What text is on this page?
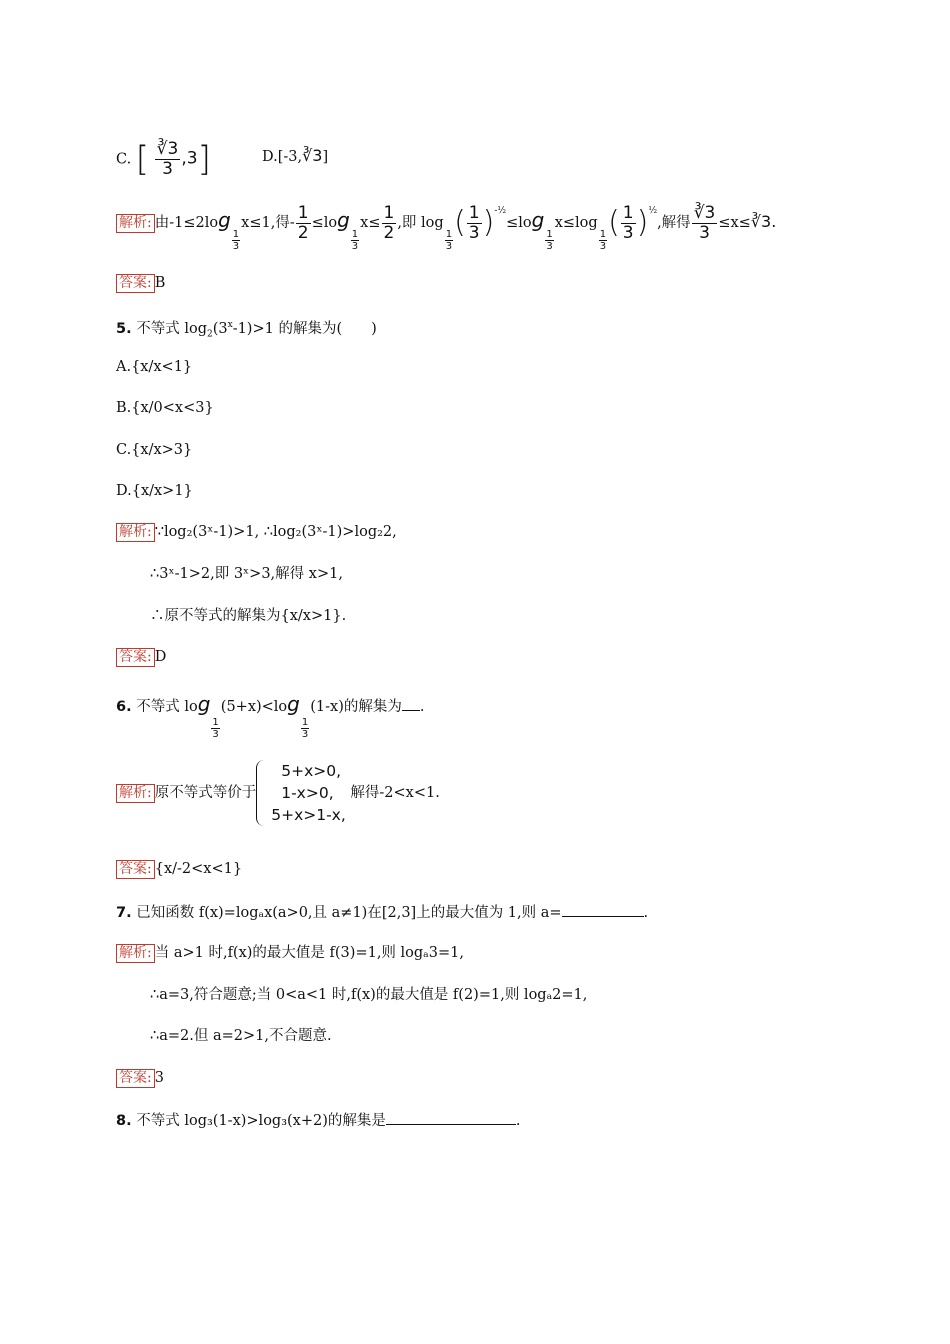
C. [ $\frac{∛3}{3} ,3$]	D.[-3,∛3]
解析: 由-1≤2log
$\frac{1}{3}$
x≤1,得- $\frac{1}{2} \le\log$
$\frac{1}{3}$
$x\le \frac{1}{2}$ ,即 log
$\frac{1}{3}$
( $\frac{1}{3} )^{-\frac{1}{2}}\le\log$
$\frac{1}{3}$
x≤log
$\frac{1}{3}$
( $\frac{1}{3} )^{\frac{1}{2}}$,解得 $\frac{∛3}{3}$ ≤x≤∛3.
答案: B
5. 不等式 $\log_2(3^x-1)>1$ 的解集为(　　)
A.{x/x<1}
B.{x/0<x<3}
C.{x/x>3}
D.{x/x>1}
解析: ∵log₂(3ˣ-1)>1, ∴log₂(3ˣ-1)>log₂2,
∴3ˣ-1>2,即 3ˣ>3,解得 x>1,
∴原不等式的解集为{x/x>1}.
答案: D
6. 不等式 log
$\frac{1}{3}$
(5+x)<log
$\frac{1}{3}$
(1-x)的解集为 .
解析: 原不等式等价于
5+x>0,
1-x>0,
5+x>1-x,
解得-2<x<1.
答案: {x/-2<x<1}
7. 已知函数 f(x)=logₐx(a>0,且 a≠1)在[2,3]上的最大值为 1,则 a=	.
解析: 当 a>1 时,f(x)的最大值是 f(3)=1,则 logₐ3=1,
∴a=3,符合题意;当 0<a<1 时,f(x)的最大值是 f(2)=1,则 logₐ2=1,
∴a=2.但 a=2>1,不合题意.
答案: 3
8. 不等式 log₃(1-x)>log₃(x+2)的解集是	.
